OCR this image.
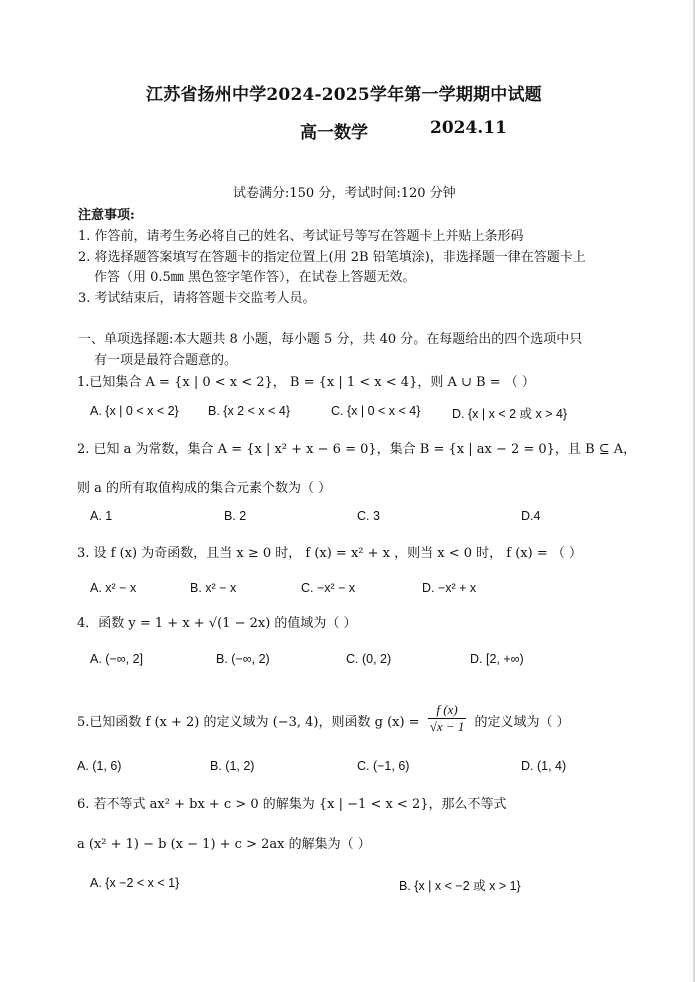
江苏省扬州中学2024-2025学年第一学期期中试题
高一数学	2024.11
试卷满分:150 分，考试时间:120 分钟
注意事项:
1. 作答前，请考生务必将自己的姓名、考试证号等写在答题卡上并贴上条形码
2. 将选择题答案填写在答题卡的指定位置上(用 2B 铅笔填涂)，非选择题一律在答题卡上
作答（用 0.5㎜ 黑色签字笔作答），在试卷上答题无效。
3. 考试结束后，请将答题卡交监考人员。
一、单项选择题:本大题共 8 小题，每小题 5 分，共 40 分。在每题给出的四个选项中只
有一项是最符合题意的。
1.已知集合 A = {x | 0 < x < 2}， B = {x | 1 < x < 4}，则 A ∪ B = （ ）
A. {x | 0 < x < 2} B. {x 2 < x < 4}	C. {x | 0 < x < 4}	D. {x | x < 2 或 x > 4}
2. 已知 a 为常数，集合 A = {x | x² + x − 6 = 0}，集合 B = {x | ax − 2 = 0}，且 B ⊆ A，
则 a 的所有取值构成的集合元素个数为（ ）
A. 1	B. 2	C. 3	D.4
3. 设 f (x) 为奇函数，且当 x ≥ 0 时， f (x) = x² + x ，则当 x < 0 时， f (x) = （ ）
A. x² − x	B. x² − x	C. −x² − x	D. −x² + x
4．函数 y = 1 + x + √(1 − 2x) 的值域为（ ）
A. (−∞, 2]	B. (−∞, 2)	C. (0, 2)	D. [2, +∞)
5.已知函数 f (x + 2) 的定义域为 (−3, 4)，则函数 g $(x) = \frac{f (x)}{√x - 1}$ 的定义域为（ ）
A. (1, 6)	B. (1, 2)	C. (−1, 6)	D. (1, 4)
6. 若不等式 ax² + bx + c > 0 的解集为 {x | −1 < x < 2}，那么不等式
a (x² + 1) − b (x − 1) + c > 2ax 的解集为（ ）
A. {x −2 < x < 1}	B. {x | x < −2 或 x > 1}
